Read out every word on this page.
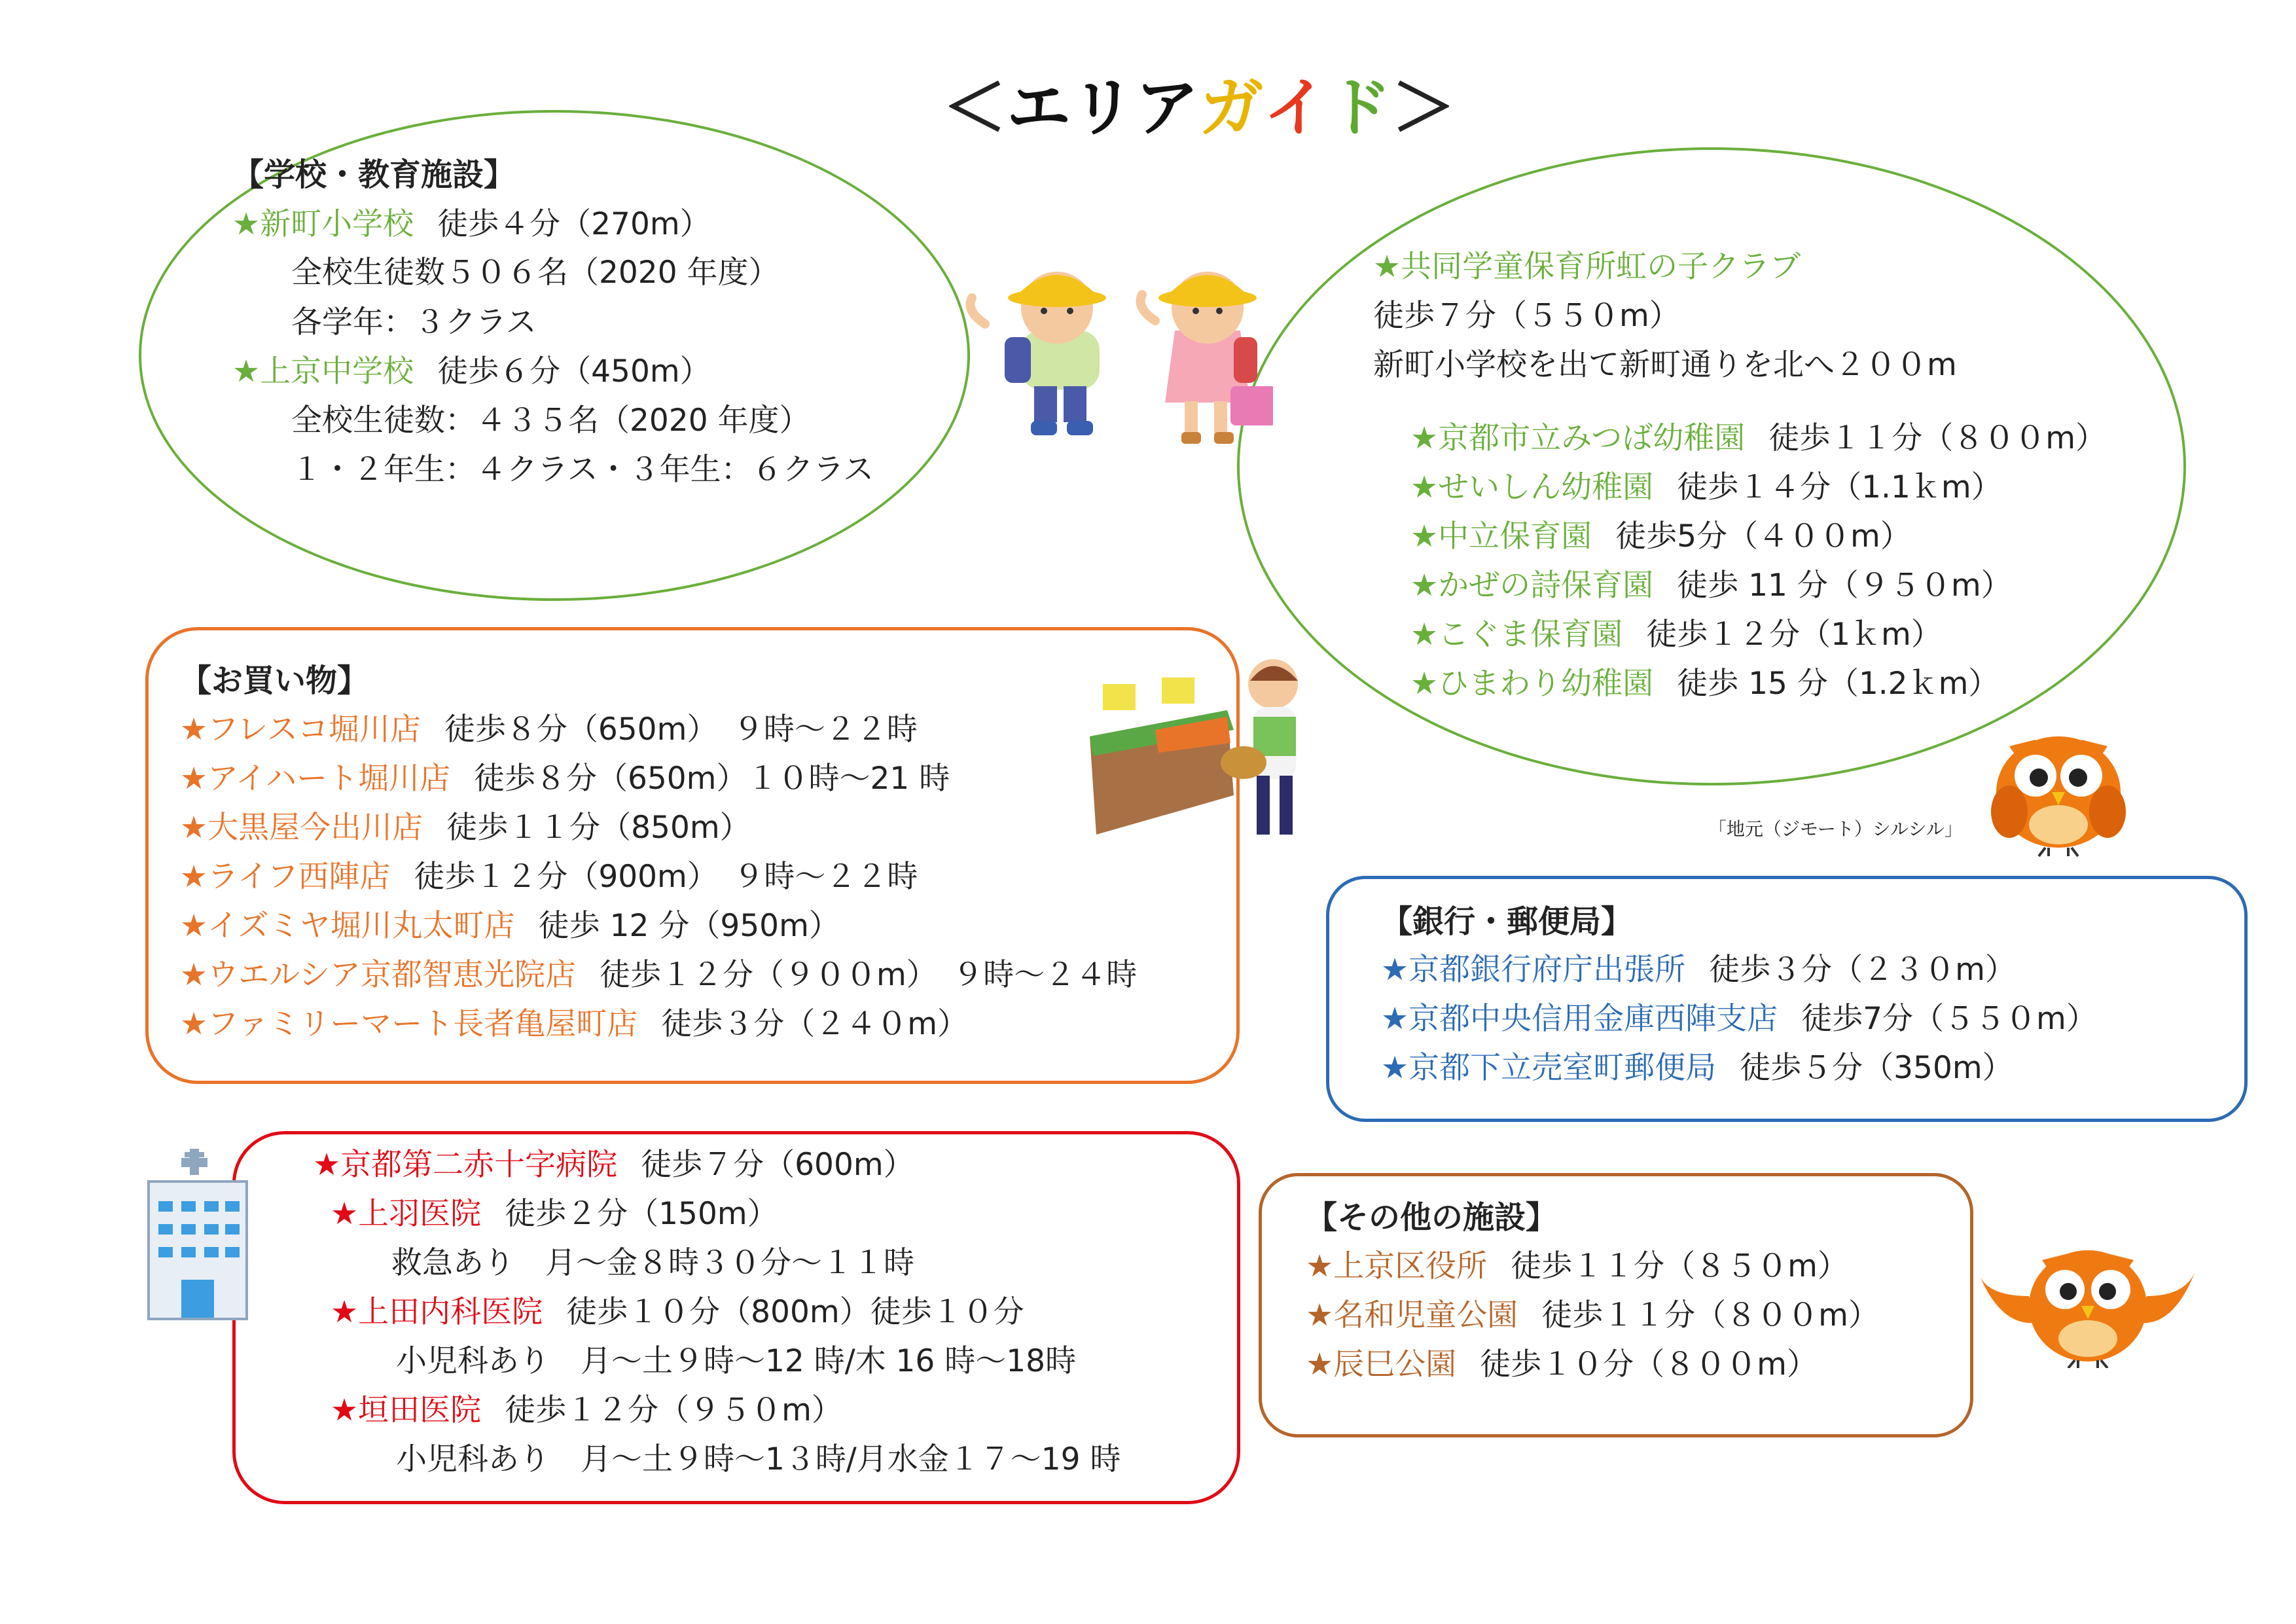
＜エリアガイド＞
【学校・教育施設】
★新町小学校 徒歩４分（270m）
全校生徒数５０６名（2020 年度）
各学年：３クラス
★上京中学校 徒歩６分（450m）
全校生徒数：４３５名（2020 年度）
１・２年生：４クラス・３年生：６クラス
★共同学童保育所虹の子クラブ
徒歩７分（５５０m）
新町小学校を出て新町通りを北へ２００m
★京都市立みつば幼稚園 徒歩１１分（８００m）
★せいしん幼稚園 徒歩１４分（1.1ｋm）
★中立保育園 徒歩5分（４００m）
★かぜの詩保育園 徒歩 11 分（９５０m）
★こぐま保育園 徒歩１２分（1ｋm）
★ひまわり幼稚園 徒歩 15 分（1.2ｋm）
【お買い物】
★フレスコ堀川店 徒歩８分（650m）　９時～２２時
★アイハート堀川店 徒歩８分（650m）１０時～21 時
★大黒屋今出川店 徒歩１１分（850m）
★ライフ西陣店 徒歩１２分（900m）　９時～２２時
★イズミヤ堀川丸太町店 徒歩 12 分（950m）
★ウエルシア京都智恵光院店 徒歩１２分（９００m）　９時～２４時
★ファミリーマート長者亀屋町店 徒歩３分（２４０m）
【銀行・郵便局】
★京都銀行府庁出張所 徒歩３分（２３０m）
★京都中央信用金庫西陣支店 徒歩7分（５５０m）
★京都下立売室町郵便局 徒歩５分（350m）
★京都第二赤十字病院 徒歩７分（600m）
★上羽医院 徒歩２分（150m）
救急あり　月～金８時３０分～１１時
★上田内科医院 徒歩１０分（800m）徒歩１０分
小児科あり　月～土９時～12 時/木 16 時～18時
★垣田医院 徒歩１２分（９５０m）
小児科あり　月～土９時～1３時/月水金１７～19 時
【その他の施設】
★上京区役所 徒歩１１分（８５０m）
★名和児童公園 徒歩１１分（８００m）
★辰巳公園 徒歩１０分（８００m）
「地元（ジモート）シルシル」
